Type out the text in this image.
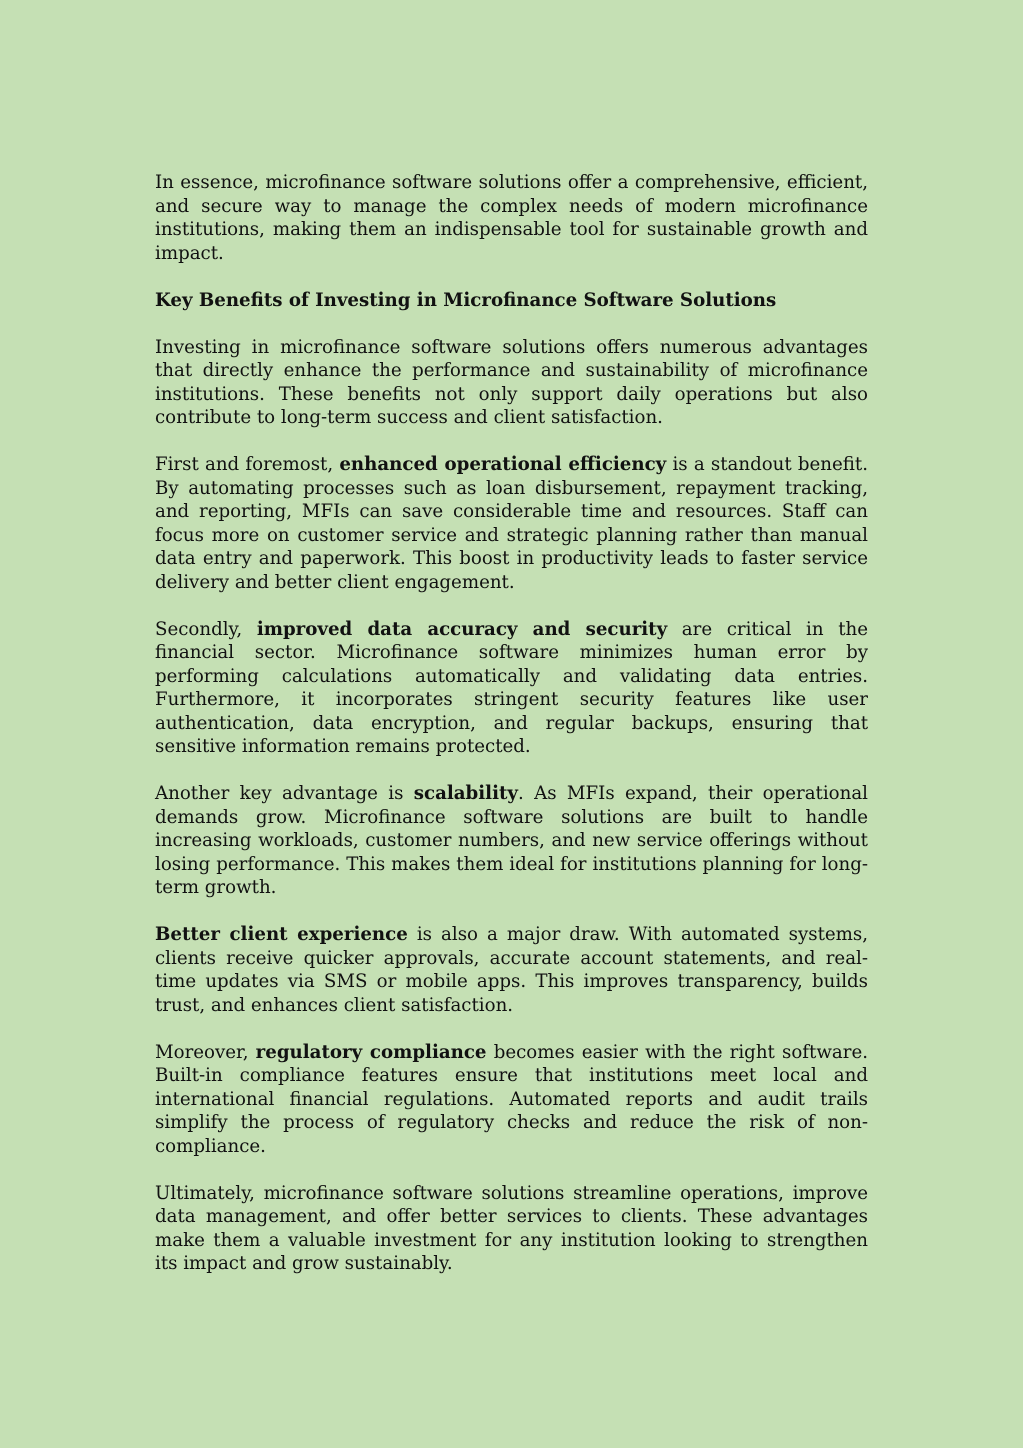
In essence, microfinance software solutions offer a comprehensive, efficient, and secure way to manage the complex needs of modern microfinance institutions, making them an indispensable tool for sustainable growth and impact.

Key Benefits of Investing in Microfinance Software Solutions

Investing in microfinance software solutions offers numerous advantages that directly enhance the performance and sustainability of microfinance institutions. These benefits not only support daily operations but also contribute to long-term success and client satisfaction.

First and foremost, enhanced operational efficiency is a standout benefit. By automating processes such as loan disbursement, repayment tracking, and reporting, MFIs can save considerable time and resources. Staff can focus more on customer service and strategic planning rather than manual data entry and paperwork. This boost in productivity leads to faster service delivery and better client engagement.

Secondly, improved data accuracy and security are critical in the financial sector. Microfinance software minimizes human error by performing calculations automatically and validating data entries. Furthermore, it incorporates stringent security features like user authentication, data encryption, and regular backups, ensuring that sensitive information remains protected.

Another key advantage is scalability. As MFIs expand, their operational demands grow. Microfinance software solutions are built to handle increasing workloads, customer numbers, and new service offerings without losing performance. This makes them ideal for institutions planning for long-term growth.

Better client experience is also a major draw. With automated systems, clients receive quicker approvals, accurate account statements, and real-time updates via SMS or mobile apps. This improves transparency, builds trust, and enhances client satisfaction.

Moreover, regulatory compliance becomes easier with the right software. Built-in compliance features ensure that institutions meet local and international financial regulations. Automated reports and audit trails simplify the process of regulatory checks and reduce the risk of non-compliance.

Ultimately, microfinance software solutions streamline operations, improve data management, and offer better services to clients. These advantages make them a valuable investment for any institution looking to strengthen its impact and grow sustainably.
